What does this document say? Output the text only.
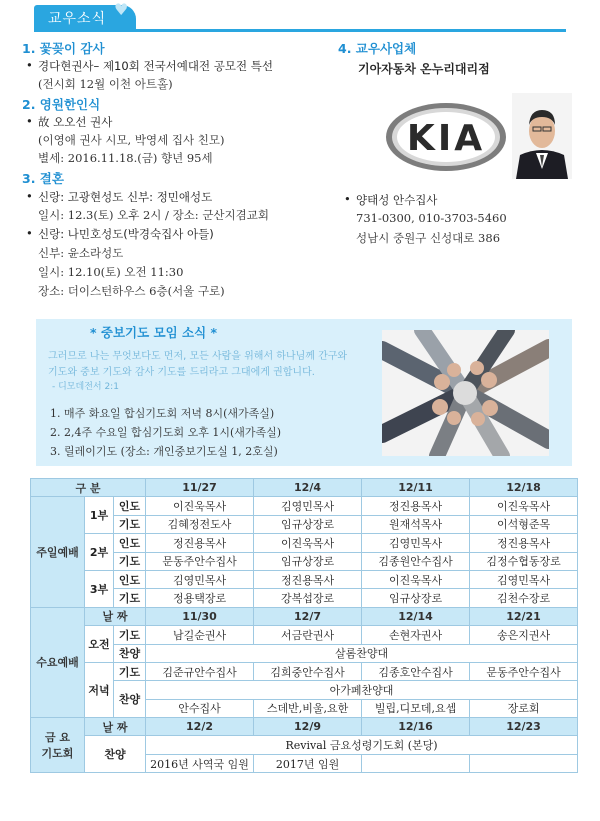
교우소식 ♥
1. 꽃꽂이 감사
• 경다현권사– 제10회 전국서예대전 공모전 특선
(전시회 12월 이천 아트홀)
2. 영원한인식
• 故 오오선 권사
(이영애 권사 시모, 박영세 집사 친모)
별세: 2016.11.18.(금) 향년 95세
3. 결혼
• 신랑: 고광현성도 신부: 정민애성도
일시: 12.3(토) 오후 2시 / 장소: 군산지겸교회
• 신랑: 나민호성도(박경숙집사 아들)
신부: 윤소라성도
일시: 12.10(토) 오전 11:30
장소: 더이스턴하우스 6층(서울 구로)
4. 교우사업체
기아자동차 온누리대리점
KIA
• 양태성 안수집사
731-0300, 010-3703-5460
성남시 중원구 신성대로 386
* 중보기도 모임 소식 *
그러므로 나는 무엇보다도 먼저, 모든 사람을 위해서 하나님께 간구와
기도와 중보 기도와 감사 기도를 드리라고 그대에게 권합니다.
- 디모데전서 2:1
1. 매주 화요일 합심기도회 저녁 8시(새가족실)
2. 2,4주 수요일 합심기도회 오후 1시(새가족실)
3. 릴레이기도 (장소: 개인중보기도실 1, 2호실)
구 분			11/27	12/4	12/11	12/18
주일예배	1부	인도	이진욱목사	김영민목사	정진용목사	이진욱목사
		기도	김혜정전도사	임규상장로	원재석목사	이석형준목
	2부	인도	정진용목사	이진욱목사	김영민목사	정진용목사
		기도	문동주안수집사	임규상장로	김종원안수집사	김정수협동장로
	3부	인도	김영민목사	정진용목사	이진욱목사	김영민목사
		기도	정용택장로	강복섭장로	임규상장로	김천수장로
수요예배	날 짜		11/30	12/7	12/14	12/21
	오전	기도	남길순권사	서금란권사	손현자권사	송은지권사
		찬양	살롬찬양대			
	저녁	기도	김준규안수집사	김희중안수집사	김종호안수집사	문동주안수집사
		찬양	아가페찬양대			
			안수집사	스데반,비울,요한	빌립,디모데,요셉	장로회

금 요
기도회	날 짜		12/2	12/9	12/16	12/23
	찬양		Revival 금요성령기도회 (본당)			
			2016년 사역국 임원	2017년 임원		
